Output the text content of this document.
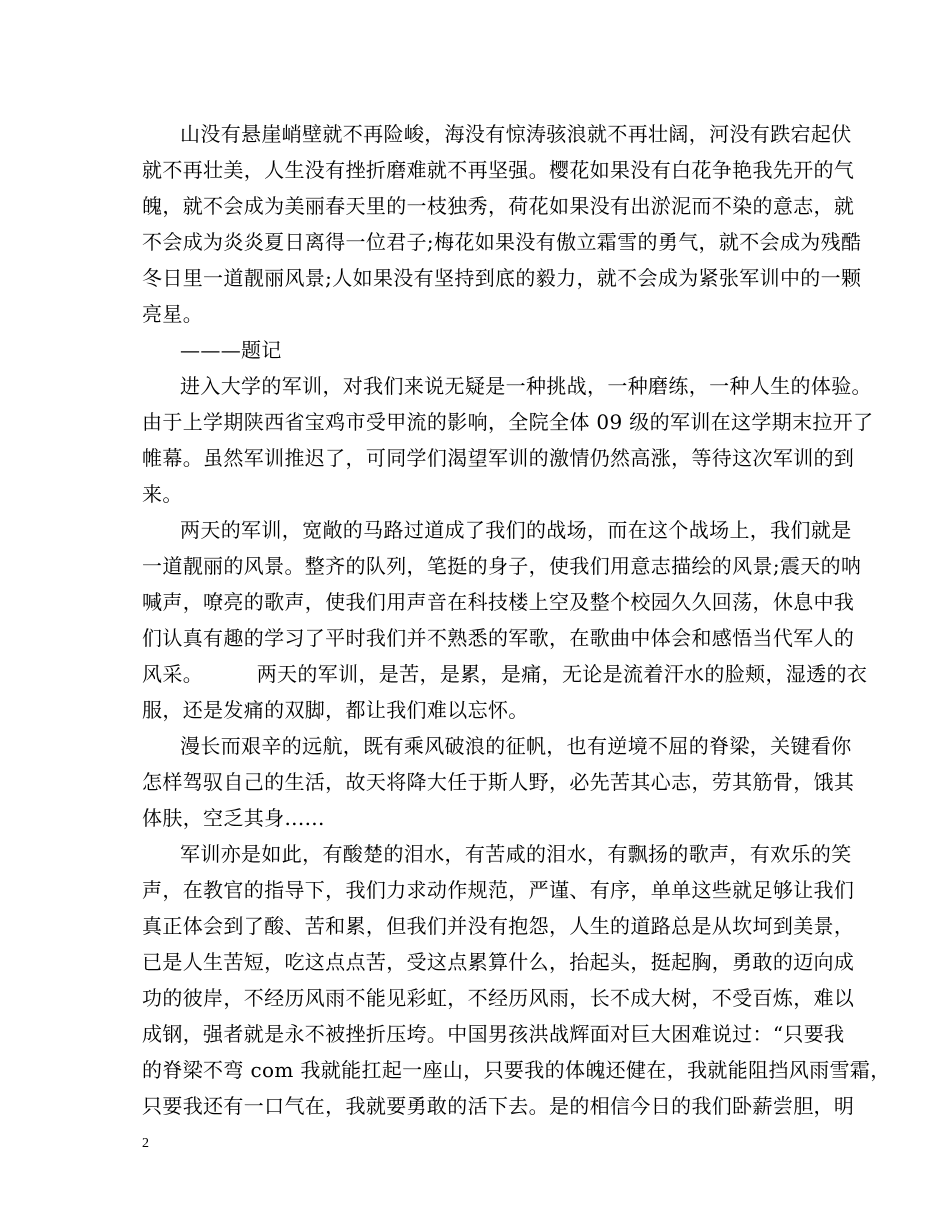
山没有悬崖峭壁就不再险峻，海没有惊涛骇浪就不再壮阔，河没有跌宕起伏
就不再壮美，人生没有挫折磨难就不再坚强。樱花如果没有白花争艳我先开的气
魄，就不会成为美丽春天里的一枝独秀，荷花如果没有出淤泥而不染的意志，就
不会成为炎炎夏日离得一位君子;梅花如果没有傲立霜雪的勇气，就不会成为残酷
冬日里一道靓丽风景;人如果没有坚持到底的毅力，就不会成为紧张军训中的一颗
亮星。
———题记
进入大学的军训，对我们来说无疑是一种挑战，一种磨练，一种人生的体验。
由于上学期陕西省宝鸡市受甲流的影响，全院全体 09 级的军训在这学期末拉开了
帷幕。虽然军训推迟了，可同学们渴望军训的激情仍然高涨，等待这次军训的到
来。
两天的军训，宽敞的马路过道成了我们的战场，而在这个战场上，我们就是
一道靓丽的风景。整齐的队列，笔挺的身子，使我们用意志描绘的风景;震天的呐
喊声，嘹亮的歌声，使我们用声音在科技楼上空及整个校园久久回荡，休息中我
们认真有趣的学习了平时我们并不熟悉的军歌，在歌曲中体会和感悟当代军人的
风采。        两天的军训，是苦，是累，是痛，无论是流着汗水的脸颊，湿透的衣
服，还是发痛的双脚，都让我们难以忘怀。
漫长而艰辛的远航，既有乘风破浪的征帆，也有逆境不屈的脊梁，关键看你
怎样驾驭自己的生活，故天将降大任于斯人野，必先苦其心志，劳其筋骨，饿其
体肤，空乏其身......
军训亦是如此，有酸楚的泪水，有苦咸的泪水，有飘扬的歌声，有欢乐的笑
声，在教官的指导下，我们力求动作规范，严谨、有序，单单这些就足够让我们
真正体会到了酸、苦和累，但我们并没有抱怨，人生的道路总是从坎坷到美景，
已是人生苦短，吃这点点苦，受这点累算什么，抬起头，挺起胸，勇敢的迈向成
功的彼岸，不经历风雨不能见彩虹，不经历风雨，长不成大树，不受百炼，难以
成钢，强者就是永不被挫折压垮。中国男孩洪战辉面对巨大困难说过：“只要我
的脊梁不弯 com 我就能扛起一座山，只要我的体魄还健在，我就能阻挡风雨雪霜，
只要我还有一口气在，我就要勇敢的活下去。是的相信今日的我们卧薪尝胆，明
2
